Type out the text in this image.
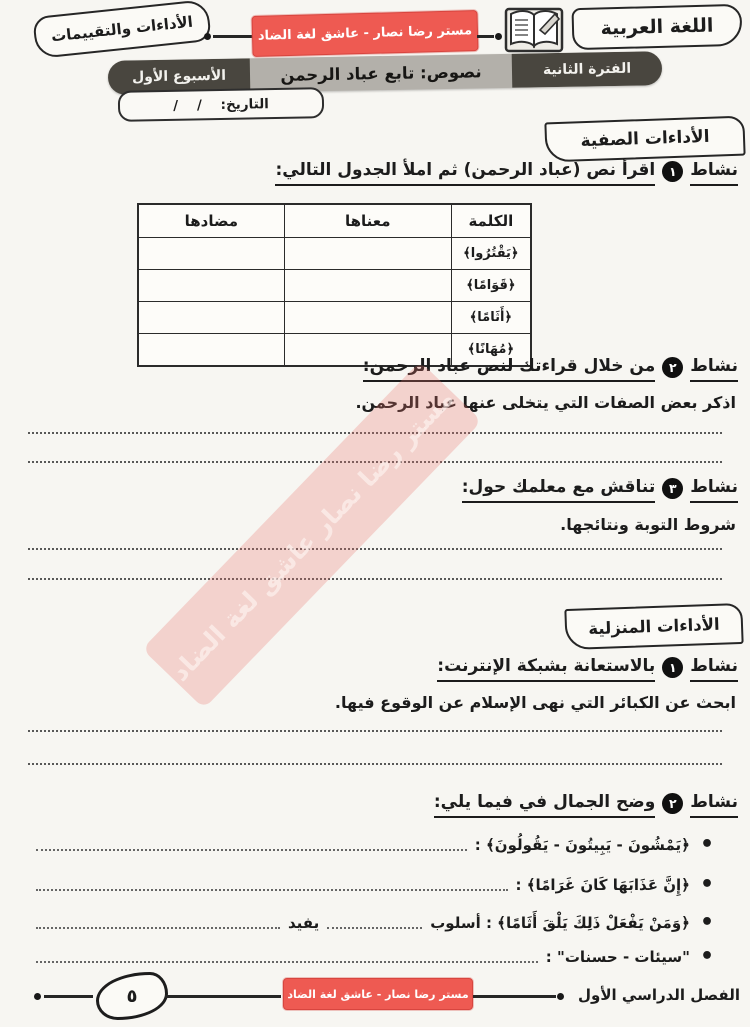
الأداءات والتقييمات	مستر رضا نصار - عاشق لغة الضاد	اللغة العربية
الفترة الثانية
نصوص: تابع عباد الرحمن
الأسبوع الأول
التاريخ:    /    /
الأداءات الصفية
نشاط
١
اقرأ نص (عباد الرحمن) ثم املأ الجدول التالي:
الكلمة	معناها	مضادها
﴿يَقْتُرُوا﴾		
﴿قَوَامًا﴾		
﴿أَثَامًا﴾		
﴿مُهَانًا﴾		
نشاط
٢
من خلال قراءتك لنص عباد الرحمن:
اذكر بعض الصفات التي يتخلى عنها عباد الرحمن.
نشاط
٣
تناقش مع معلمك حول:
شروط التوبة ونتائجها.
الأداءات المنزلية
نشاط
١
بالاستعانة بشبكة الإنترنت:
ابحث عن الكبائر التي نهى الإسلام عن الوقوع فيها.
نشاط
٢
وضح الجمال في فيما يلي:
•
﴿يَمْشُونَ - يَبِيتُونَ - يَقُولُونَ﴾ :
•
﴿إِنَّ عَذَابَهَا كَانَ غَرَامًا﴾ :
•
﴿وَمَنْ يَفْعَلْ ذَلِكَ يَلْقَ أَثَامًا﴾ : أسلوب
يفيد
•
"سيئات - حسنات" :
مستر رضا نصار عاشق لغة الضاد
٥	مستر رضا نصار - عاشق لغة الضاد	الفصل الدراسي الأول
